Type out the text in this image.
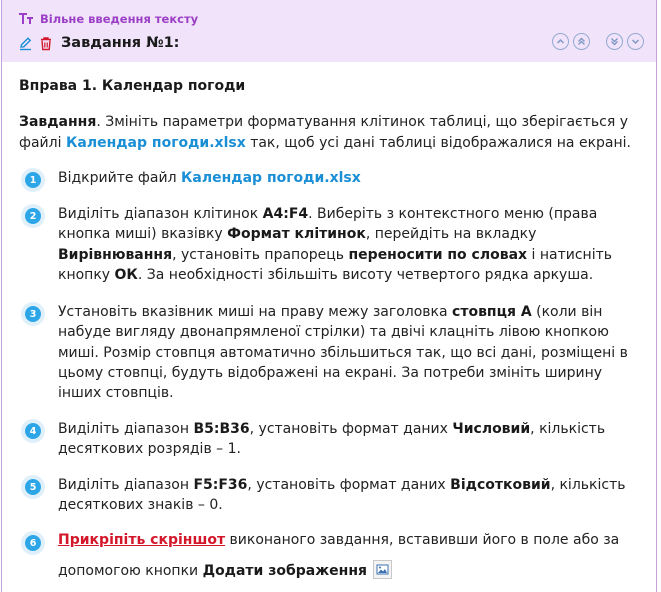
Вільне введення тексту
Завдання №1:
Вправа 1. Календар погоди
Завдання. Змініть параметри форматування клітинок таблиці, що зберігається у файлі Календар погоди.xlsx так, щоб усі дані таблиці відображалися на екрані.
1	Відкрийте файл Календар погоди.xlsx
2	Виділіть діапазон клітинок A4:F4. Виберіть з контекстного меню (права кнопка миші) вказівку Формат клітинок, перейдіть на вкладку Вирівнювання, установіть прапорець переносити по словах і натисніть кнопку ОК. За необхідності збільшіть висоту четвертого рядка аркуша.
3	Установіть вказівник миші на праву межу заголовка стовпця А (коли він набуде вигляду двонапрямленої стрілки) та двічі клацніть лівою кнопкою миші. Розмір стовпця автоматично збільшиться так, що всі дані, розміщені в цьому стовпці, будуть відображені на екрані. За потреби змініть ширину інших стовпців.
4	Виділіть діапазон B5:B36, установіть формат даних Числовий, кількість десяткових розрядів – 1.
5	Виділіть діапазон F5:F36, установіть формат даних Відсотковий, кількість десяткових знаків – 0.
6	Прикріпіть скріншот виконаного завдання, вставивши його в поле або за допомогою кнопки Додати зображення
